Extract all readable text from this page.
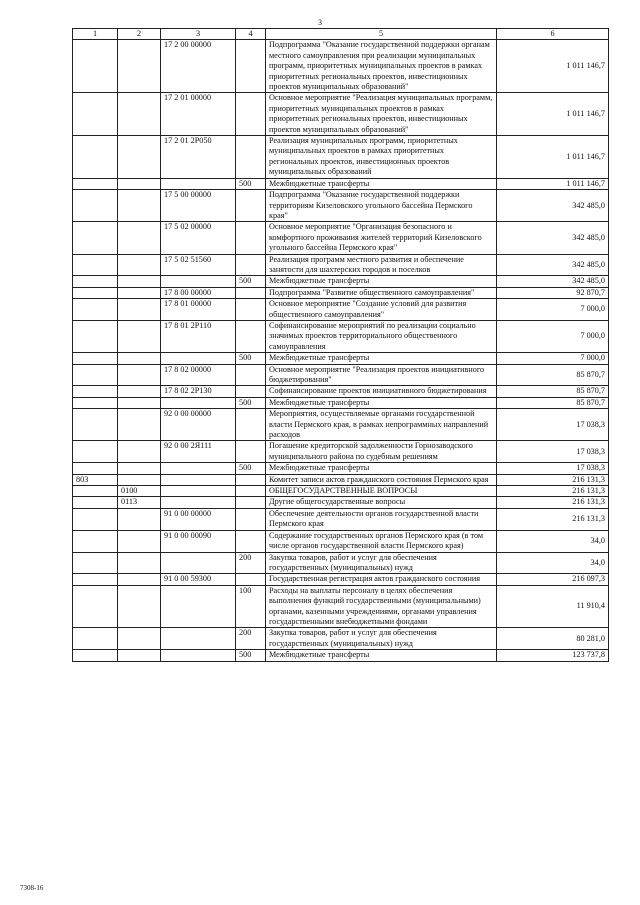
3
1	2	3	4	5	6
		17 2 00 00000		Подпрограмма "Оказание государственной поддержки органам местного самоуправления при реализации муниципальных программ, приоритетных муниципальных проектов в рамках приоритетных региональных проектов, инвестиционных проектов муниципальных образований"	1 011 146,7
		17 2 01 00000		Основное мероприятие "Реализация муниципальных программ, приоритетных муниципальных проектов в рамках приоритетных региональных проектов, инвестиционных проектов муниципальных образований"	1 011 146,7
		17 2 01 2Р050		Реализация муниципальных программ, приоритетных муниципальных проектов в рамках приоритетных региональных проектов, инвестиционных проектов муниципальных образований	1 011 146,7
			500	Межбюджетные трансферты	1 011 146,7
		17 5 00 00000		Подпрограмма "Оказание государственной поддержки территориям Кизеловского угольного бассейна Пермского края"	342 485,0
		17 5 02 00000		Основное мероприятие "Организация безопасного и комфортного проживания жителей территорий Кизеловского угольного бассейна Пермского края"	342 485,0
		17 5 02 51560		Реализация программ местного развития и обеспечение занятости для шахтерских городов и поселков	342 485,0
			500	Межбюджетные трансферты	342 485,0
		17 8 00 00000		Подпрограмма "Развитие общественного самоуправления"	92 870,7
		17 8 01 00000		Основное мероприятие "Создание условий для развития общественного самоуправления"	7 000,0
		17 8 01 2Р110		Софинансирование мероприятий по реализации социально значимых проектов территориального общественного самоуправления	7 000,0
			500	Межбюджетные трансферты	7 000,0
		17 8 02 00000		Основное мероприятие "Реализация проектов инициативного бюджетирования"	85 870,7
		17 8 02 2Р130		Софинансирование проектов инициативного бюджетирования	85 870,7
			500	Межбюджетные трансферты	85 870,7
		92 0 00 00000		Мероприятия, осуществляемые органами государственной власти Пермского края, в рамках непрограммных направлений расходов	17 038,3
		92 0 00 2Я111		Погашение кредиторской задолженности Горнозаводского муниципального района по судебным решениям	17 038,3
			500	Межбюджетные трансферты	17 038,3
803				Комитет записи актов гражданского состояния Пермского края	216 131,3
	0100			ОБЩЕГОСУДАРСТВЕННЫЕ ВОПРОСЫ	216 131,3
	0113			Другие общегосударственные вопросы	216 131,3
		91 0 00 00000		Обеспечение деятельности органов государственной власти Пермского края	216 131,3
		91 0 00 00090		Содержание государственных органов Пермского края (в том числе органов государственной власти Пермского края)	34,0
			200	Закупка товаров, работ и услуг для обеспечения государственных (муниципальных) нужд	34,0
		91 0 00 59300		Государственная регистрация актов гражданского состояния	216 097,3
			100	Расходы на выплаты персоналу в целях обеспечения выполнения функций государственными (муниципальными) органами, казенными учреждениями, органами управления государственными внебюджетными фондами	11 910,4
			200	Закупка товаров, работ и услуг для обеспечения государственных (муниципальных) нужд	80 281,0
			500	Межбюджетные трансферты	123 737,8
7308-16
